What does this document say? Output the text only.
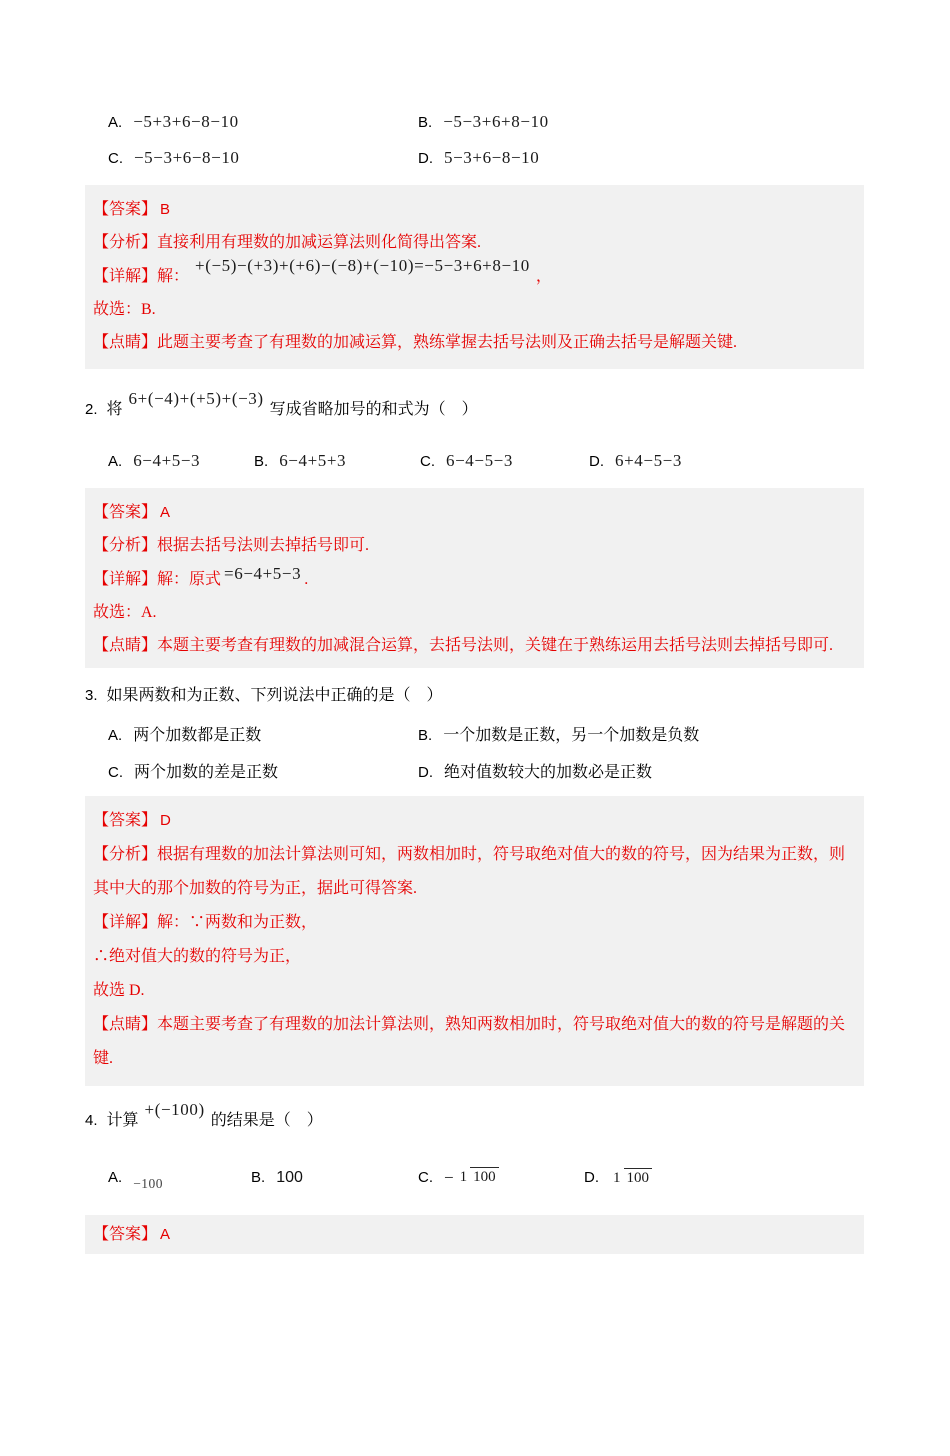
A. −5+3+6−8−10	B. −5−3+6+8−10
C. −5−3+6−8−10	D. 5−3+6−8−10

【答案】 B

【分析】直接利用有理数的加减运算法则化简得出答案.

【详解】解：+(−5)−(+3)+(+6)−(−8)+(−10)=−5−3+6+8−10，

故选：B.

【点睛】此题主要考查了有理数的加减运算，熟练掌握去括号法则及正确去括号是解题关键.

2. 将6+(−4)+(+5)+(−3)写成省略加号的和式为（　）
A. 6−4+5−3	B. 6−4+5+3	C. 6−4−5−3	D. 6+4−5−3

【答案】 A

【分析】根据去括号法则去掉括号即可.

【详解】解：原式 =6−4+5−3 .

故选：A.

【点睛】本题主要考查有理数的加减混合运算，去括号法则，关键在于熟练运用去括号法则去掉括号即可.

3. 如果两数和为正数、下列说法中正确的是（　）
A. 两个加数都是正数	B. 一个加数是正数，另一个加数是负数
C. 两个加数的差是正数	D. 绝对值数较大的加数必是正数

【答案】 D

【分析】根据有理数的加法计算法则可知，两数相加时，符号取绝对值大的数的符号，因为结果为正数，则其中大的那个加数的符号为正，据此可得答案.

【详解】解：∵两数和为正数，

∴绝对值大的数的符号为正，

故选 D.

【点睛】本题主要考查了有理数的加法计算法则，熟知两数相加时，符号取绝对值大的数的符号是解题的关键.

4. 计算+(−100)的结果是（　）
A. $_{-100}$	B. 100	C. − 1 100	D. 1 100

【答案】 A
